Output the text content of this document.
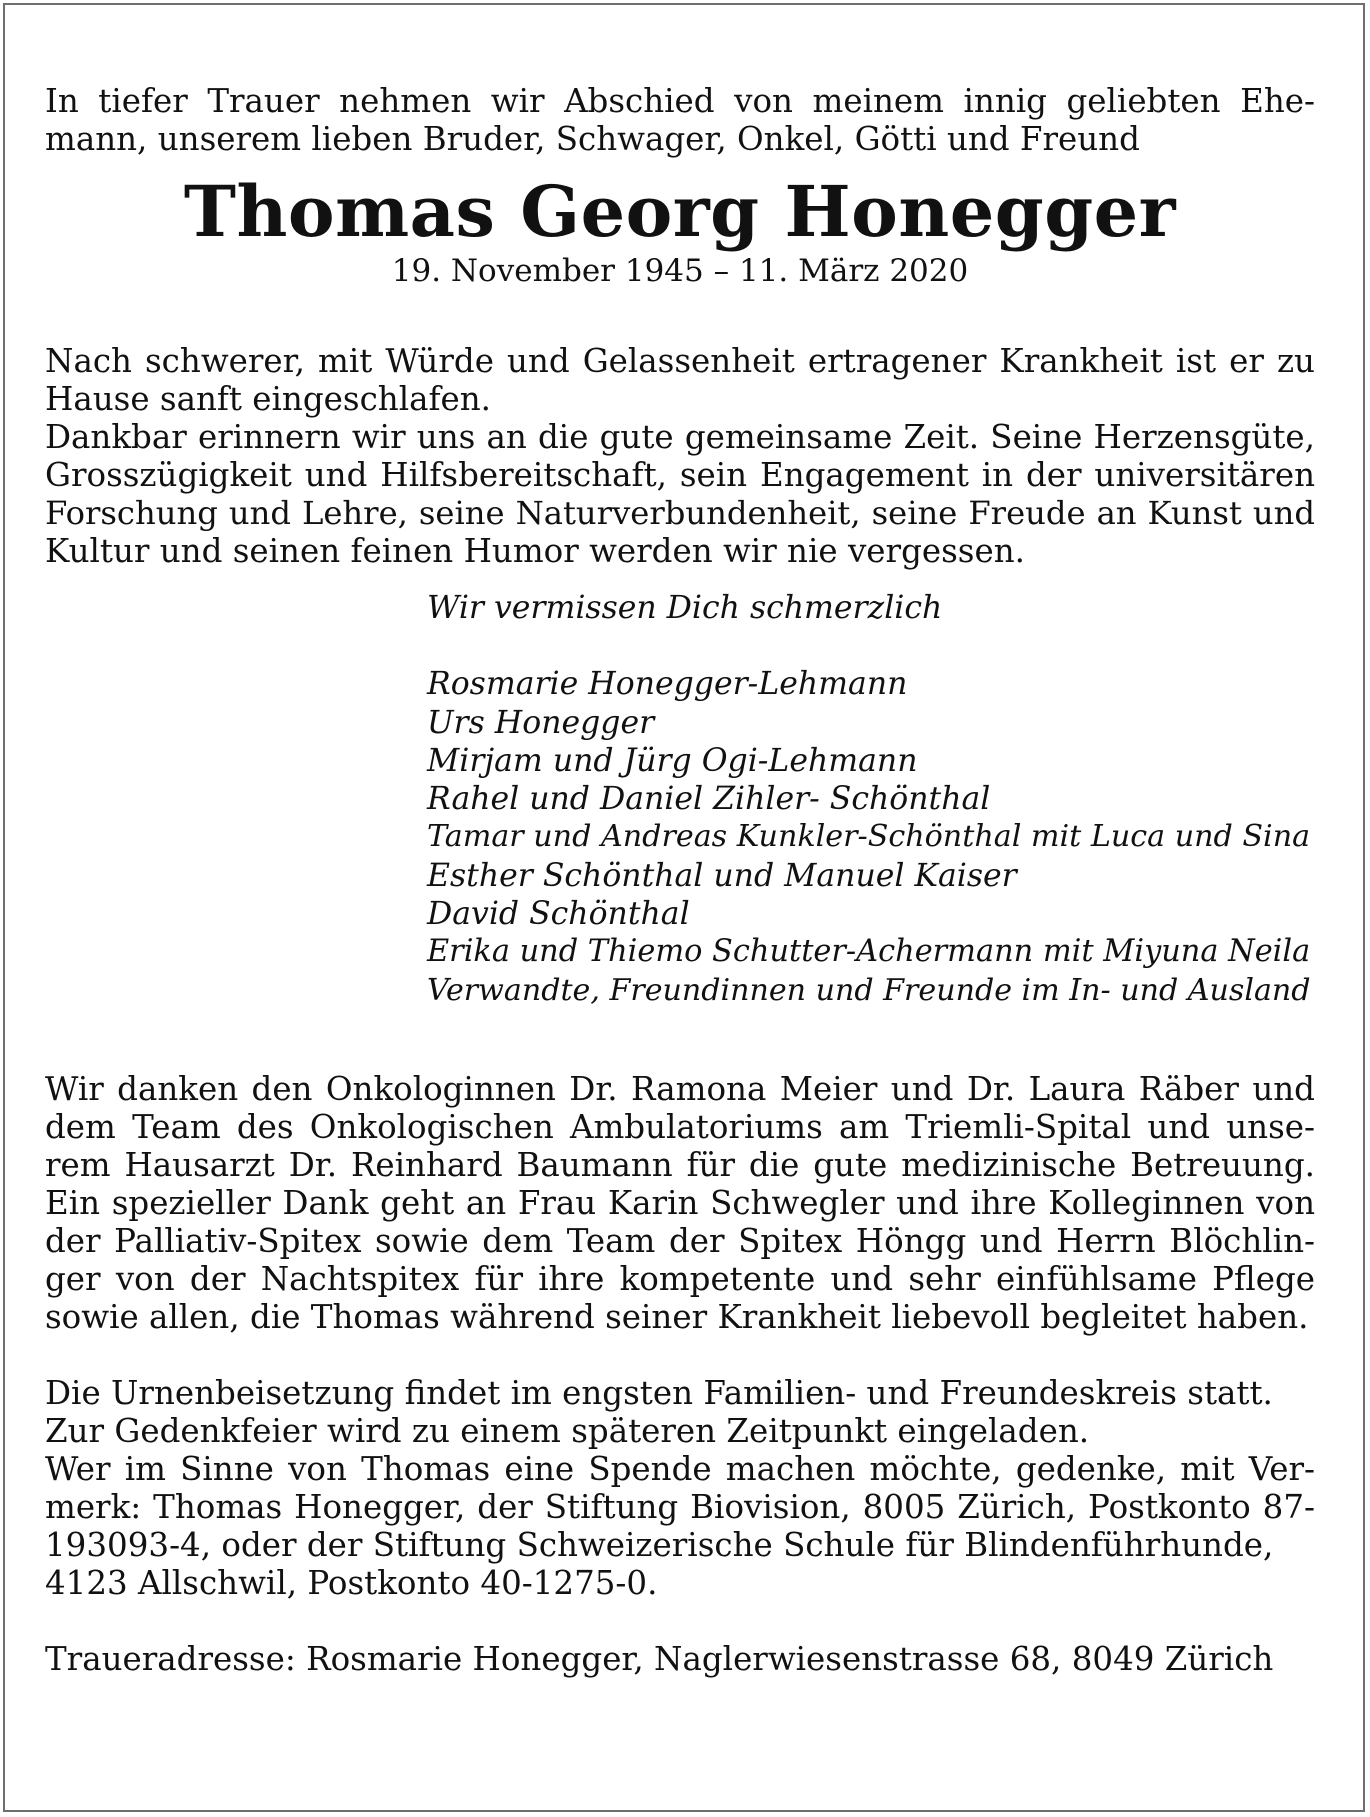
In tiefer Trauer nehmen wir Abschied von meinem innig geliebten Ehe-
mann, unserem lieben Bruder, Schwager, Onkel, Götti und Freund
Thomas Georg Honegger
19. November 1945 – 11. März 2020
Nach schwerer, mit Würde und Gelassenheit ertragener Krankheit ist er zu
Hause sanft eingeschlafen.
Dankbar erinnern wir uns an die gute gemeinsame Zeit. Seine Herzensgüte,
Grosszügigkeit und Hilfsbereitschaft, sein Engagement in der universitären
Forschung und Lehre, seine Naturverbundenheit, seine Freude an Kunst und
Kultur und seinen feinen Humor werden wir nie vergessen.
Wir vermissen Dich schmerzlich
Rosmarie Honegger-Lehmann
Urs Honegger
Mirjam und Jürg Ogi-Lehmann
Rahel und Daniel Zihler- Schönthal
Tamar und Andreas Kunkler-Schönthal mit Luca und Sina
Esther Schönthal und Manuel Kaiser
David Schönthal
Erika und Thiemo Schutter-Achermann mit Miyuna Neila
Verwandte, Freundinnen und Freunde im In- und Ausland
Wir danken den Onkologinnen Dr. Ramona Meier und Dr. Laura Räber und
dem Team des Onkologischen Ambulatoriums am Triemli-Spital und unse-
rem Hausarzt Dr. Reinhard Baumann für die gute medizinische Betreuung.
Ein spezieller Dank geht an Frau Karin Schwegler und ihre Kolleginnen von
der Palliativ-Spitex sowie dem Team der Spitex Höngg und Herrn Blöchlin-
ger von der Nachtspitex für ihre kompetente und sehr einfühlsame Pflege
sowie allen, die Thomas während seiner Krankheit liebevoll begleitet haben.
Die Urnenbeisetzung findet im engsten Familien- und Freundeskreis statt.
Zur Gedenkfeier wird zu einem späteren Zeitpunkt eingeladen.
Wer im Sinne von Thomas eine Spende machen möchte, gedenke, mit Ver-
merk: Thomas Honegger, der Stiftung Biovision, 8005 Zürich, Postkonto 87-
193093-4, oder der Stiftung Schweizerische Schule für Blindenführhunde,
4123 Allschwil, Postkonto 40-1275-0.
Traueradresse: Rosmarie Honegger, Naglerwiesenstrasse 68, 8049 Zürich
